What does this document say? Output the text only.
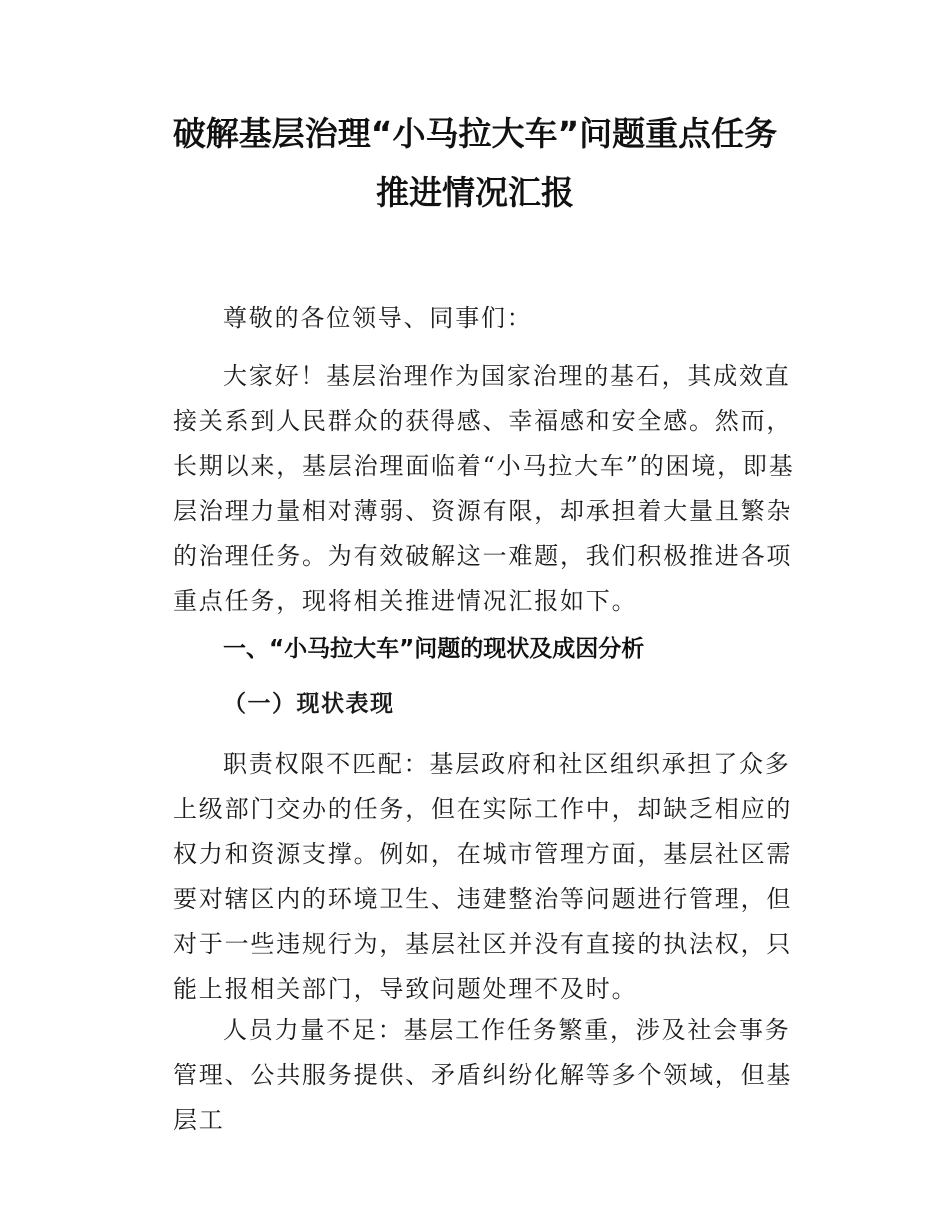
破解基层治理“小马拉大车”问题重点任务
推进情况汇报

尊敬的各位领导、同事们：

大家好！基层治理作为国家治理的基石，其成效直接关系到人民群众的获得感、幸福感和安全感。然而，长期以来，基层治理面临着“小马拉大车”的困境，即基层治理力量相对薄弱、资源有限，却承担着大量且繁杂的治理任务。为有效破解这一难题，我们积极推进各项重点任务，现将相关推进情况汇报如下。

一、“小马拉大车”问题的现状及成因分析
（一）现状表现

职责权限不匹配：基层政府和社区组织承担了众多上级部门交办的任务，但在实际工作中，却缺乏相应的权力和资源支撑。例如，在城市管理方面，基层社区需要对辖区内的环境卫生、违建整治等问题进行管理，但对于一些违规行为，基层社区并没有直接的执法权，只能上报相关部门，导致问题处理不及时。

人员力量不足：基层工作任务繁重，涉及社会事务管理、公共服务提供、矛盾纠纷化解等多个领域，但基层工
